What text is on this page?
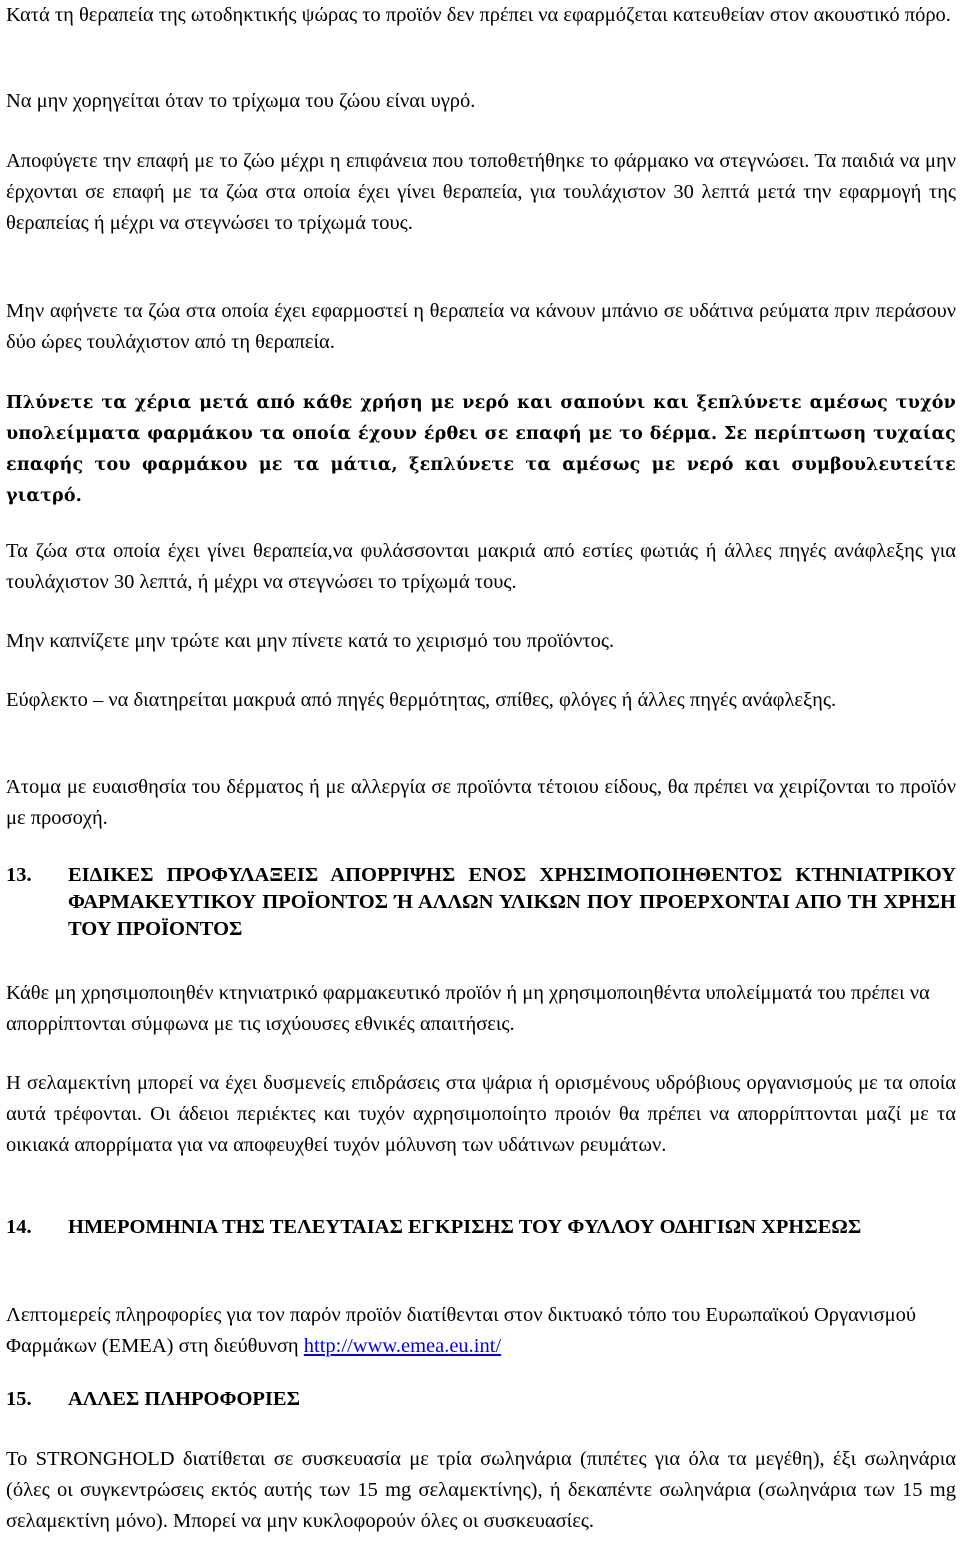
Κατά τη θεραπεία της ωτοδηκτικής ψώρας το προϊόν δεν πρέπει να εφαρμόζεται κατευθείαν στον ακουστικό πόρο.

Να μην χορηγείται όταν το τρίχωμα του ζώου είναι υγρό.

Αποφύγετε την επαφή με το ζώο μέχρι η επιφάνεια που τοποθετήθηκε το φάρμακο να στεγνώσει. Τα παιδιά να μην έρχονται σε επαφή με τα ζώα στα οποία έχει γίνει θεραπεία, για τουλάχιστον 30 λεπτά μετά την εφαρμογή της θεραπείας ή μέχρι να στεγνώσει το τρίχωμά τους.

Μην αφήνετε τα ζώα στα οποία έχει εφαρμοστεί η θεραπεία να κάνουν μπάνιο σε υδάτινα ρεύματα πριν περάσουν δύο ώρες τουλάχιστον από τη θεραπεία.

Πλύνετε τα χέρια μετά από κάθε χρήση με νερό και σαπούνι και ξεπλύνετε αμέσως τυχόν υπολείμματα φαρμάκου τα οποία έχουν έρθει σε επαφή με το δέρμα. Σε περίπτωση τυχαίας επαφής του φαρμάκου με τα μάτια, ξεπλύνετε τα αμέσως με νερό και συμβουλευτείτε γιατρό.

Τα ζώα στα οποία έχει γίνει θεραπεία,να φυλάσσονται μακριά από εστίες φωτιάς ή άλλες πηγές ανάφλεξης για τουλάχιστον 30 λεπτά, ή μέχρι να στεγνώσει το τρίχωμά τους.

Μην καπνίζετε μην τρώτε και μην πίνετε κατά το χειρισμό του προϊόντος.

Εύφλεκτο – να διατηρείται μακρυά από πηγές θερμότητας, σπίθες, φλόγες ή άλλες πηγές ανάφλεξης.

Άτομα με ευαισθησία του δέρματος ή με αλλεργία σε προϊόντα τέτοιου είδους, θα πρέπει να χειρίζονται το προϊόν με προσοχή.

13.	ΕΙΔΙΚΕΣ ΠΡΟΦΥΛΑΞΕΙΣ ΑΠΟΡΡΙΨΗΣ ΕΝΟΣ ΧΡΗΣΙΜΟΠΟΙΗΘΕΝΤΟΣ ΚΤΗΝΙΑΤΡΙΚΟΥ ΦΑΡΜΑΚΕΥΤΙΚΟΥ ΠΡΟΪΟΝΤΟΣ Ή ΑΛΛΩΝ ΥΛΙΚΩΝ ΠΟΥ ΠΡΟΕΡΧΟΝΤΑΙ ΑΠΟ ΤΗ ΧΡΗΣΗ ΤΟΥ ΠΡΟΪΟΝΤΟΣ

Κάθε μη χρησιμοποιηθέν κτηνιατρικό φαρμακευτικό προϊόν ή μη χρησιμοποιηθέντα υπολείμματά του πρέπει να απορρίπτονται σύμφωνα με τις ισχύουσες εθνικές απαιτήσεις.

Η σελαμεκτίνη μπορεί να έχει δυσμενείς επιδράσεις στα ψάρια ή ορισμένους υδρόβιους οργανισμούς με τα οποία αυτά τρέφονται. Οι άδειοι περιέκτες και τυχόν αχρησιμοποίητο προιόν θα πρέπει να απορρίπτονται μαζί με τα οικιακά απορρίματα για να αποφευχθεί τυχόν μόλυνση των υδάτινων ρευμάτων.

14.	ΗΜΕΡΟΜΗΝΙΑ ΤΗΣ ΤΕΛΕΥΤΑΙΑΣ ΕΓΚΡΙΣΗΣ ΤΟΥ ΦΥΛΛΟΥ ΟΔΗΓΙΩΝ ΧΡΗΣΕΩΣ

Λεπτομερείς πληροφορίες για τον παρόν προϊόν διατίθενται στον δικτυακό τόπο του Ευρωπαϊκού Οργανισμού Φαρμάκων (EMEA) στη διεύθυνση http://www.emea.eu.int/

15.	ΑΛΛΕΣ ΠΛΗΡΟΦΟΡΙΕΣ

Το STRONGHOLD διατίθεται σε συσκευασία με τρία σωληνάρια (πιπέτες για όλα τα μεγέθη), έξι σωληνάρια (όλες οι συγκεντρώσεις εκτός αυτής των 15 mg σελαμεκτίνης), ή δεκαπέντε σωληνάρια (σωληνάρια των 15 mg σελαμεκτίνη μόνο). Μπορεί να μην κυκλοφορούν όλες οι συσκευασίες.
